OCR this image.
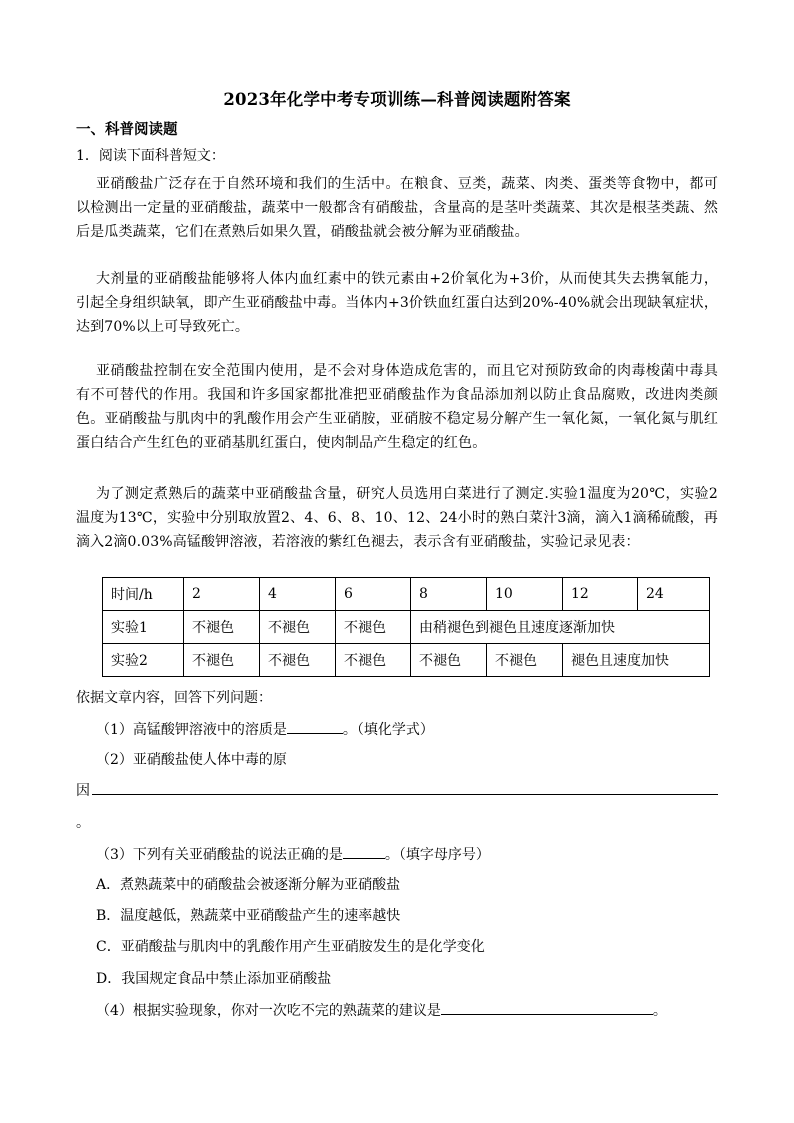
2023年化学中考专项训练—科普阅读题附答案
一、科普阅读题
1．阅读下面科普短文：
亚硝酸盐广泛存在于自然环境和我们的生活中。在粮食、豆类，蔬菜、肉类、蛋类等食物中，都可以检测出一定量的亚硝酸盐，蔬菜中一般都含有硝酸盐，含量高的是茎叶类蔬菜、其次是根茎类蔬、然后是瓜类蔬菜，它们在煮熟后如果久置，硝酸盐就会被分解为亚硝酸盐。
大剂量的亚硝酸盐能够将人体内血红素中的铁元素由+2价氧化为+3价，从而使其失去携氧能力，引起全身组织缺氧，即产生亚硝酸盐中毒。当体内+3价铁血红蛋白达到20%-40%就会出现缺氧症状，达到70%以上可导致死亡。
亚硝酸盐控制在安全范围内使用，是不会对身体造成危害的，而且它对预防致命的肉毒梭菌中毒具有不可替代的作用。我国和许多国家都批准把亚硝酸盐作为食品添加剂以防止食品腐败，改进肉类颜色。亚硝酸盐与肌肉中的乳酸作用会产生亚硝胺，亚硝胺不稳定易分解产生一氧化氮，一氧化氮与肌红蛋白结合产生红色的亚硝基肌红蛋白，使肉制品产生稳定的红色。
为了测定煮熟后的蔬菜中亚硝酸盐含量，研究人员选用白菜进行了测定.实验1温度为20℃，实验2温度为13℃，实验中分别取放置2、4、6、8、10、12、24小时的熟白菜汁3滴，滴入1滴稀硫酸，再滴入2滴0.03%高锰酸钾溶液，若溶液的紫红色褪去，表示含有亚硝酸盐，实验记录见表：
时间/h	2	4	6	8	10	12	24
实验1	不褪色	不褪色	不褪色	由稍褪色到褪色且速度逐渐加快			
实验2	不褪色	不褪色	不褪色	不褪色	不褪色	褪色且速度加快	
依据文章内容，回答下列问题：
（1）高锰酸钾溶液中的溶质是	。（填化学式）
（2）亚硝酸盐使人体中毒的原
因
。
（3）下列有关亚硝酸盐的说法正确的是	。（填字母序号）
A．煮熟蔬菜中的硝酸盐会被逐渐分解为亚硝酸盐
B．温度越低，熟蔬菜中亚硝酸盐产生的速率越快
C．亚硝酸盐与肌肉中的乳酸作用产生亚硝胺发生的是化学变化
D．我国规定食品中禁止添加亚硝酸盐
（4）根据实验现象，你对一次吃不完的熟蔬菜的建议是	。
